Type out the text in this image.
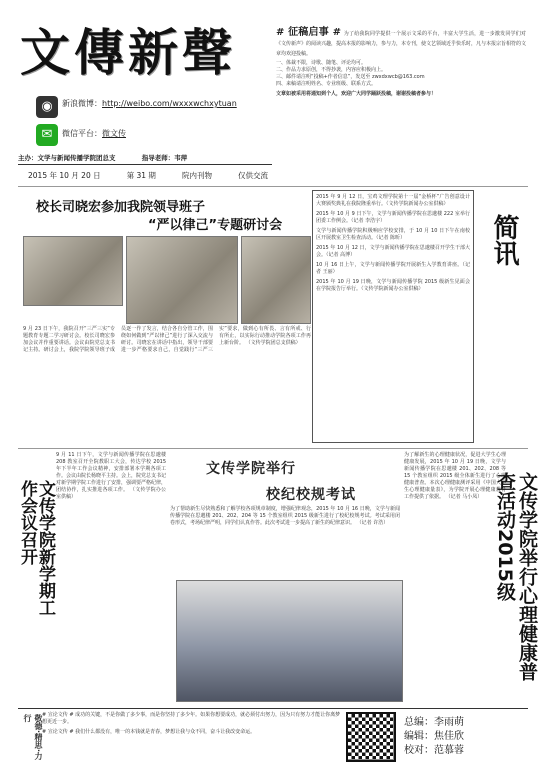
文傳新聲
◉	新浪微博：http://weibo.com/wxxxwchxytuan
✉	微信平台：微文传
主办：文学与新闻传播学院团总支	指导老师：韦萍
2015 年 10 月 20 日	第 31 期	院内刊物	仅供交流
# 征稿启事 # 为了给我院同学提供一个展示文采的平台，丰富大学生活，进一步激发同学们对《文传新声》的阅读兴趣，提高本报的影响力，参与力，本专刊，使文艺领域近乎快乐时，凡与本报宗旨相符的文章均欢迎投稿。
一、体裁不限，诗歌、随笔、评论均可。
二、作品力求原创，不得抄袭，内容应积极向上。
三、邮件请注明“投稿+作者信息”，发送至 zwxdxwcb@163.com
四、来稿请注明姓名、专业班级、联系方式。
文章如被采用将通知到个人，欢迎广大同学踊跃投稿，谢谢投稿者参与！
校长司晓宏参加我院领导班子
“严以律己”专题研讨会
9 月 23 日下午，我院召开“三严三实”专题教育专题二学习研讨会。校长司晓宏参加会议并作重要讲话。会议由院党总支书记主持。研讨会上，我院学院领导班子成员逐一作了发言，结合各自分管工作，围绕如何做到“严以律己”进行了深入交流与研讨。司晓宏在讲话中指出，领导干部要进一步严格要求自己，自觉践行“三严三实”要求，做到心有所畏、言有所戒、行有所止，以实际行动推动学院各项工作再上新台阶。 （文传学院团总支供稿）

2015 年 9 月 12 日，宝鸡文理学院第十一届“金桥杯”广告创意设计大赛颁奖典礼在我院隆重举行。（文传学院新闻办公室供稿）

2015 年 10 月 9 日下午，文学与新闻传播学院在思邈楼 222 室举行团委工作例会。（记者 李浩宇）

文学与新闻传播学院积极响应学校安排，于 10 月 10 日下午在南校区开展教室卫生检查活动。（记者 陈昕）

2015 年 10 月 12 日，文学与新闻传播学院在思邈楼召开学生干部大会。（记者 高博）

10 月 16 日上午，文学与新闻传播学院开展新生入学教育讲座。（记者 王丽）

2015 年 10 月 19 日晚，文学与新闻传播学院 2015 级新生见面会在学院报告厅举行。（文传学院新闻办公室供稿）

简讯
9 月 11 日下午，文学与新闻传播学院在思邈楼 208 教室召开全院教职工大会，传达学校 2015 年下半年工作会议精神，安排部署本学期各项工作。会议由院长杨晓平主持。会上，院党总支书记对新学期学院工作进行了安排，强调要严格纪律，团结协作，扎实推进各项工作。 （文传学院办公室供稿）
文传学院新学期工作会议召开
文传学院举行
校纪校规考试
为了帮助新生尽快熟悉和了解学校各项规章制度，增强纪律观念，2015 年 10 月 16 日晚，文学与新闻传播学院在思邈楼 201、202、204 等 15 个教室组织 2015 级新生进行了校纪校规考试。考试采用闭卷形式，考场纪律严明，同学们认真作答。此次考试进一步提高了新生的纪律意识。 （记者 许浩）
为了解新生的心理健康状况，促进大学生心理健康发展，2015 年 10 月 19 日晚，文学与新闻传播学院在思邈楼 201、202、208 等 15 个教室组织 2015 级全体新生进行了心理健康普查。本次心理健康测评采用《中国大学生心理健康量表》，为学院开展心理健康教育工作提供了依据。 （记者 马小凤）	文传学院举行心理健康普查活动2015级
敬德·精思·力行	# 宣论文传 # 成功的关键，不是你做了多少事，而是你坚持了多少年。如果你想要成功，就必须付出努力，因为只有努力才能让你离梦想更近一步。

# 宣论文传 # 我们什么都没有，唯一的本钱就是青春，梦想让我与众不同，奋斗让我改变命运。

总编：李雨萌
编辑：焦佳欣
校对：范慕蓉
